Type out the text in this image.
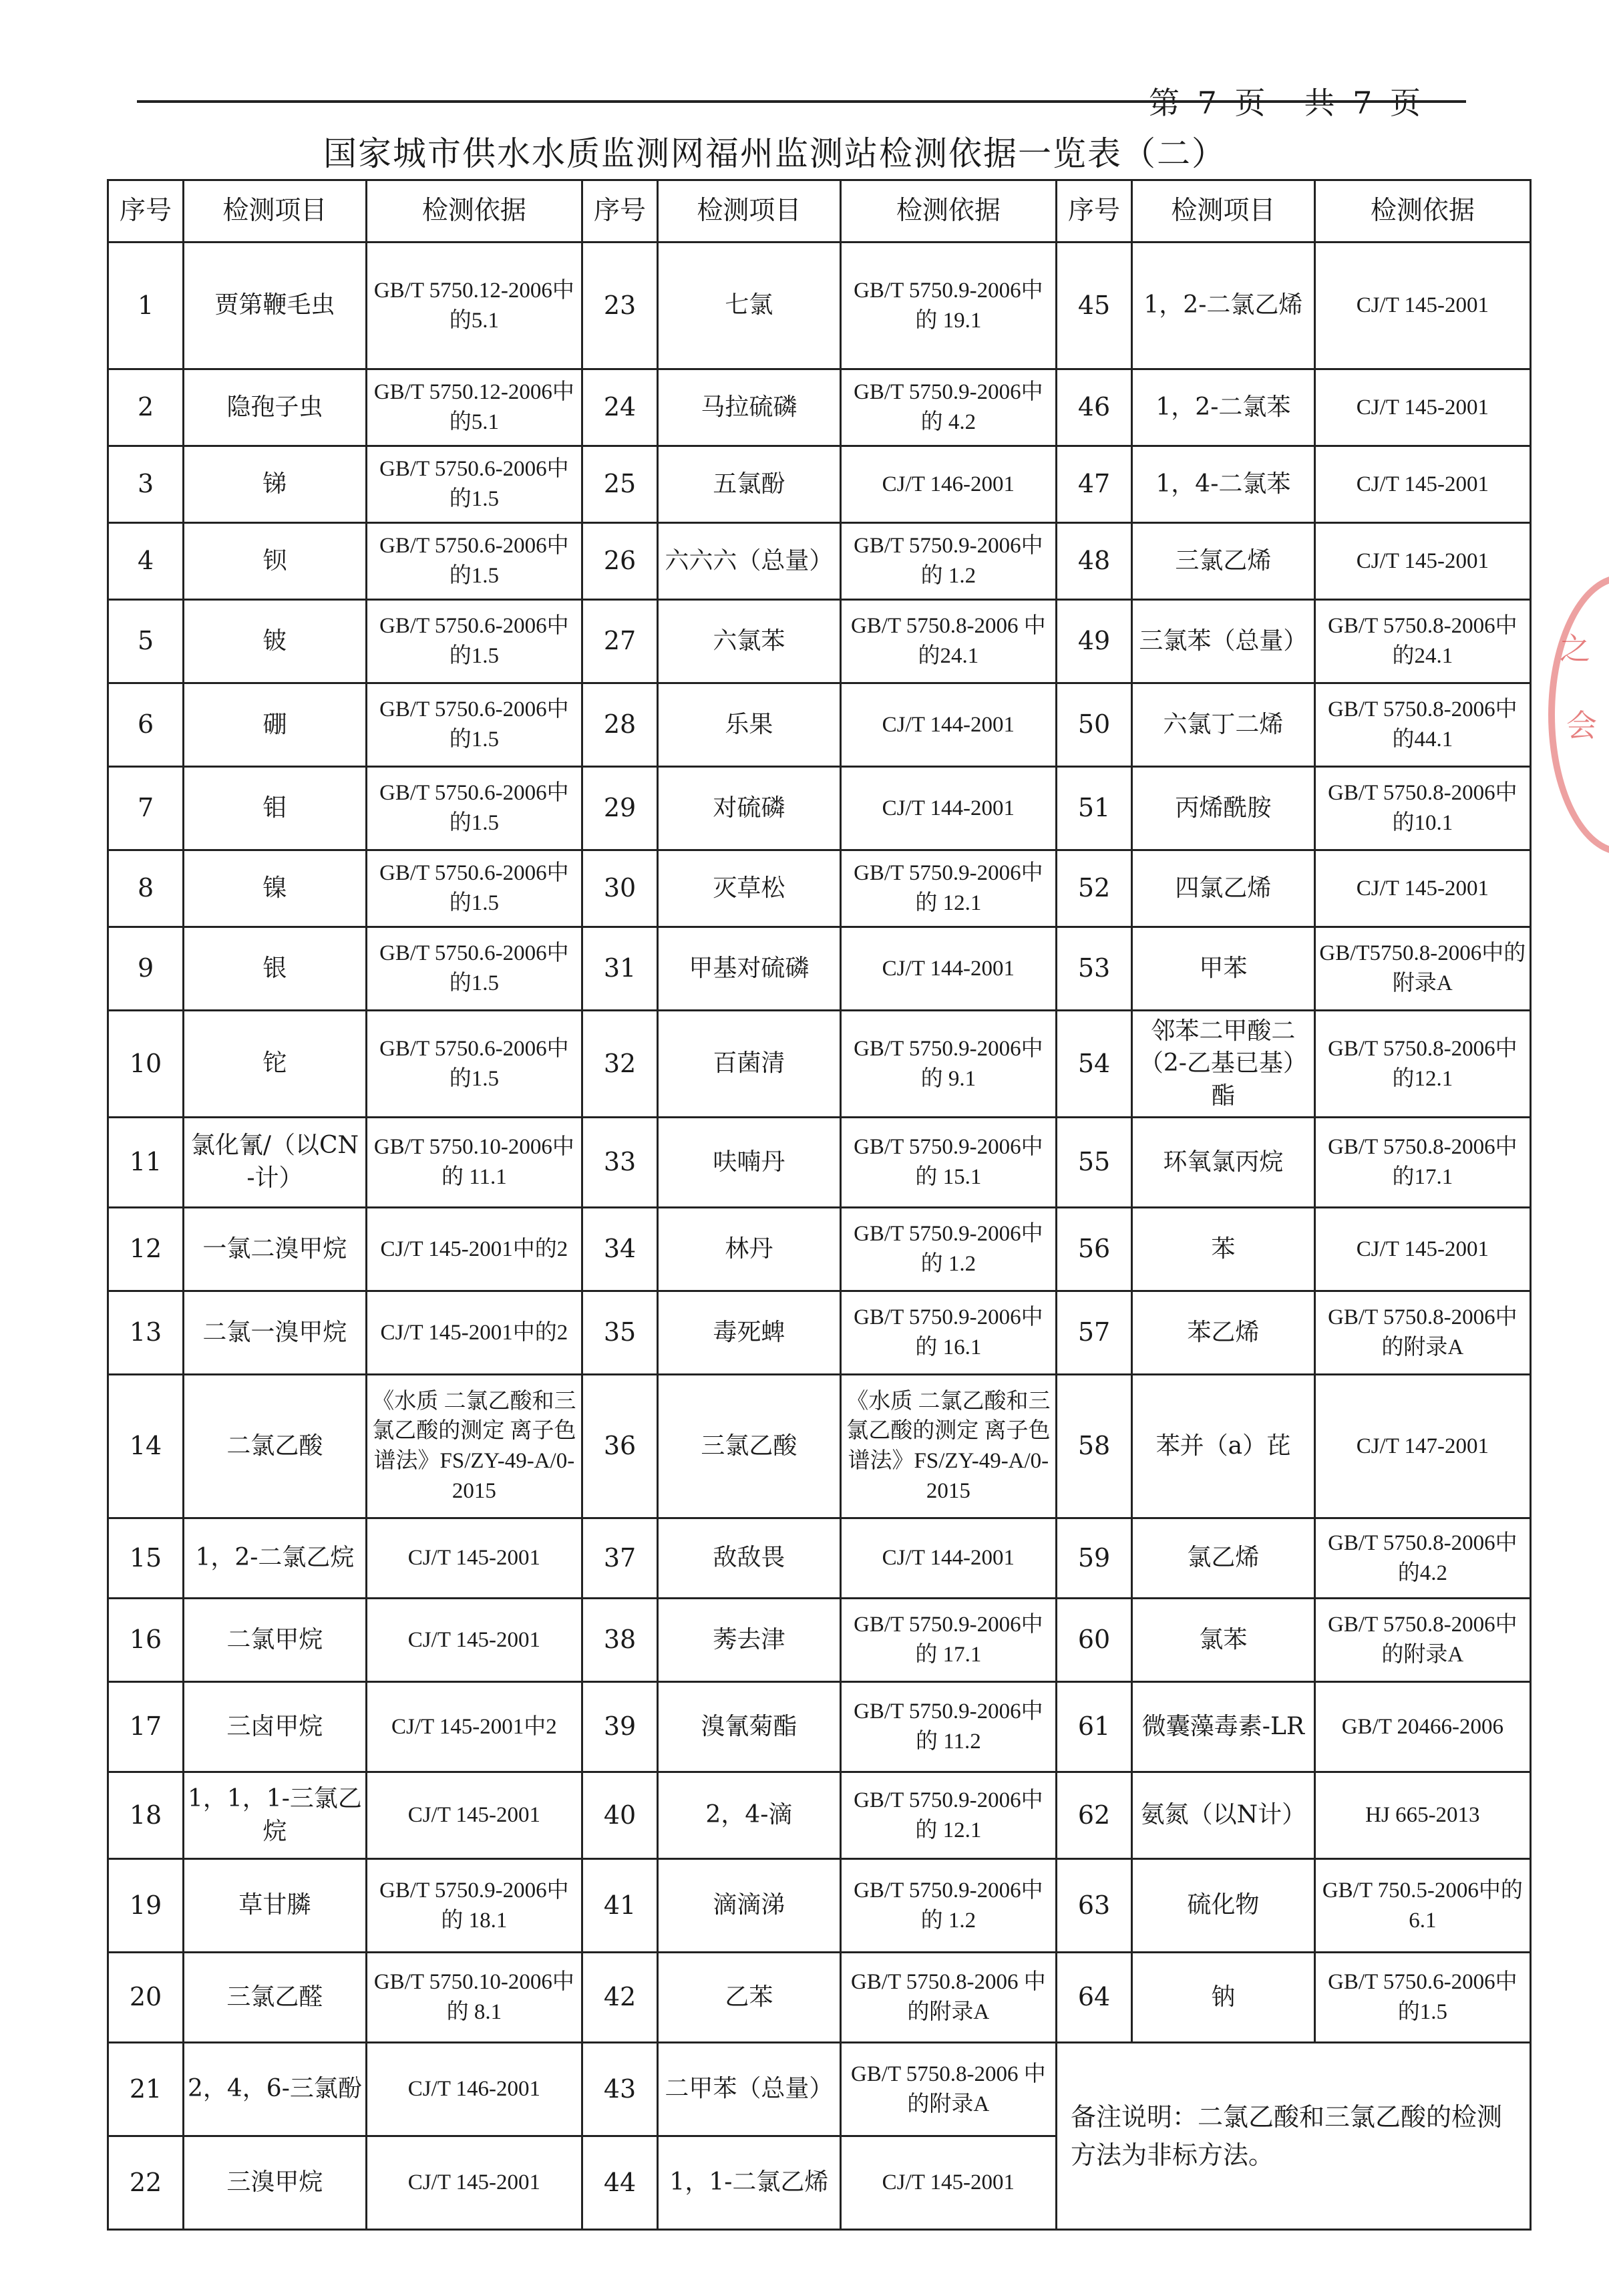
第 7 页　共 7 页
国家城市供水水质监测网福州监测站检测依据一览表（二）
序号	检测项目	检测依据	序号	检测项目	检测依据	序号	检测项目	检测依据
1	贾第鞭毛虫	GB/T 5750.12-2006中的5.1	23	七氯	GB/T 5750.9-2006中的 19.1	45	1，2-二氯乙烯	CJ/T 145-2001
2	隐孢子虫	GB/T 5750.12-2006中的5.1	24	马拉硫磷	GB/T 5750.9-2006中的 4.2	46	1，2-二氯苯	CJ/T 145-2001
3	锑	GB/T 5750.6-2006中的1.5	25	五氯酚	CJ/T 146-2001	47	1，4-二氯苯	CJ/T 145-2001
4	钡	GB/T 5750.6-2006中的1.5	26	六六六（总量）	GB/T 5750.9-2006中的 1.2	48	三氯乙烯	CJ/T 145-2001
5	铍	GB/T 5750.6-2006中的1.5	27	六氯苯	GB/T 5750.8-2006 中的24.1	49	三氯苯（总量）	GB/T 5750.8-2006中的24.1
6	硼	GB/T 5750.6-2006中的1.5	28	乐果	CJ/T 144-2001	50	六氯丁二烯	GB/T 5750.8-2006中的44.1
7	钼	GB/T 5750.6-2006中的1.5	29	对硫磷	CJ/T 144-2001	51	丙烯酰胺	GB/T 5750.8-2006中的10.1
8	镍	GB/T 5750.6-2006中的1.5	30	灭草松	GB/T 5750.9-2006中的 12.1	52	四氯乙烯	CJ/T 145-2001
9	银	GB/T 5750.6-2006中的1.5	31	甲基对硫磷	CJ/T 144-2001	53	甲苯	GB/T5750.8-2006中的附录A
10	铊	GB/T 5750.6-2006中的1.5	32	百菌清	GB/T 5750.9-2006中的 9.1	54	邻苯二甲酸二（2-乙基已基）酯	GB/T 5750.8-2006中的12.1
11	氯化氰/（以CN-计）	GB/T 5750.10-2006中的 11.1	33	呋喃丹	GB/T 5750.9-2006中的 15.1	55	环氧氯丙烷	GB/T 5750.8-2006中的17.1
12	一氯二溴甲烷	CJ/T 145-2001中的2	34	林丹	GB/T 5750.9-2006中的 1.2	56	苯	CJ/T 145-2001
13	二氯一溴甲烷	CJ/T 145-2001中的2	35	毒死蜱	GB/T 5750.9-2006中的 16.1	57	苯乙烯	GB/T 5750.8-2006中的附录A
14	二氯乙酸	《水质 二氯乙酸和三氯乙酸的测定 离子色谱法》FS/ZY-49-A/0-2015	36	三氯乙酸	《水质 二氯乙酸和三氯乙酸的测定 离子色谱法》FS/ZY-49-A/0-2015	58	苯并（a）芘	CJ/T 147-2001
15	1，2-二氯乙烷	CJ/T 145-2001	37	敌敌畏	CJ/T 144-2001	59	氯乙烯	GB/T 5750.8-2006中的4.2
16	二氯甲烷	CJ/T 145-2001	38	莠去津	GB/T 5750.9-2006中的 17.1	60	氯苯	GB/T 5750.8-2006中的附录A
17	三卤甲烷	CJ/T 145-2001中2	39	溴氰菊酯	GB/T 5750.9-2006中的 11.2	61	微囊藻毒素-LR	GB/T 20466-2006
18	1，1，1-三氯乙烷	CJ/T 145-2001	40	2，4-滴	GB/T 5750.9-2006中的 12.1	62	氨氮（以N计）	HJ 665-2013
19	草甘膦	GB/T 5750.9-2006中的 18.1	41	滴滴涕	GB/T 5750.9-2006中的 1.2	63	硫化物	GB/T 750.5-2006中的6.1
20	三氯乙醛	GB/T 5750.10-2006中的 8.1	42	乙苯	GB/T 5750.8-2006 中的附录A	64	钠	GB/T 5750.6-2006中的1.5
21	2，4，6-三氯酚	CJ/T 146-2001	43	二甲苯（总量）	GB/T 5750.8-2006 中的附录A	备注说明：二氯乙酸和三氯乙酸的检测方法为非标方法。		
22	三溴甲烷	CJ/T 145-2001	44	1，1-二氯乙烯	CJ/T 145-2001			
之
会
